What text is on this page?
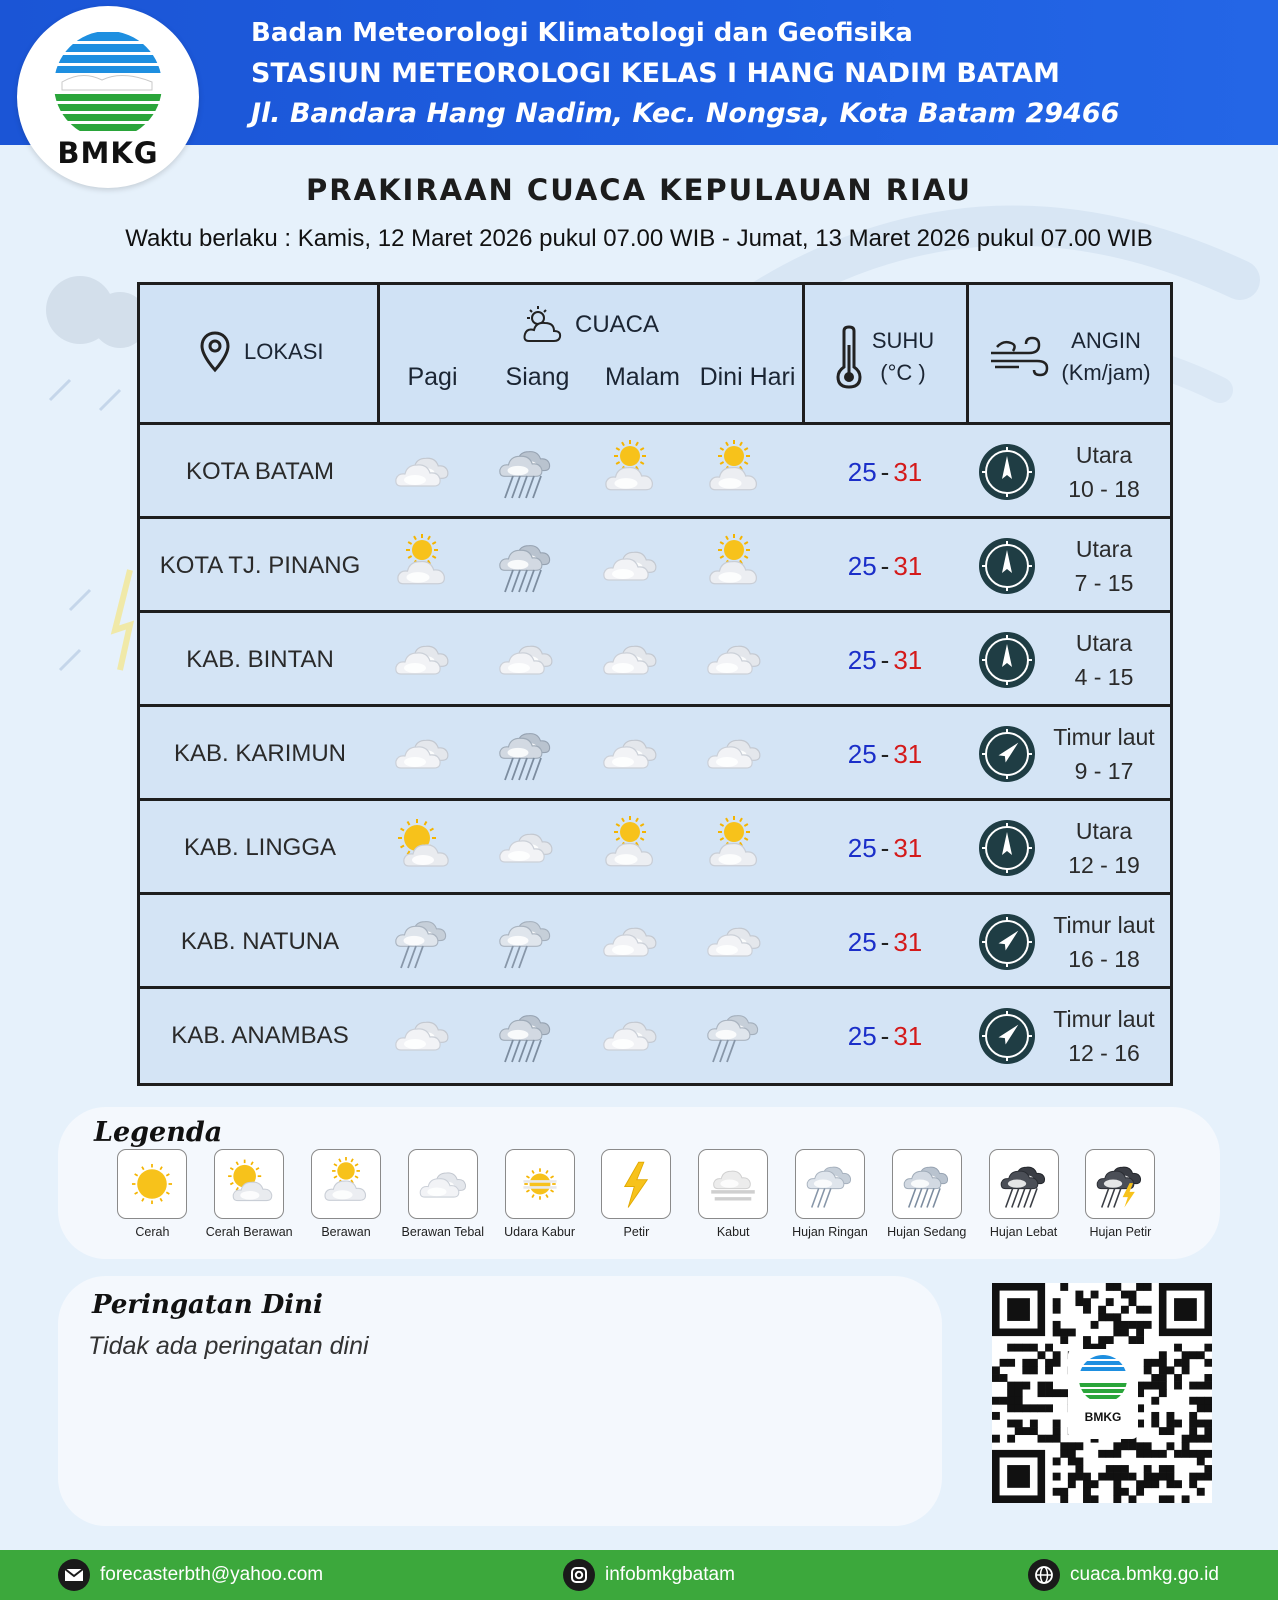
Badan Meteorologi Klimatologi dan Geofisika
STASIUN METEOROLOGI KELAS I HANG NADIM BATAM
Jl. Bandara Hang Nadim, Kec. Nongsa, Kota Batam 29466
BMKG
PRAKIRAAN CUACA KEPULAUAN RIAU
Waktu berlaku : Kamis, 12 Maret 2026 pukul 07.00 WIB - Jumat, 13 Maret 2026 pukul 07.00 WIB
LOKASI
CUACA
Pagi	Siang	Malam Dini Hari
SUHU
(°C )
ANGIN
(Km/jam)
KOTA BATAM	25 - 31
Utara
10 - 18
KOTA TJ. PINANG	25 - 31
Utara
7 - 15
KAB. BINTAN	25 - 31
Utara
4 - 15
KAB. KARIMUN	25 - 31
Timur laut
9 - 17
KAB. LINGGA	25 - 31
Utara
12 - 19
KAB. NATUNA	25 - 31
Timur laut
16 - 18
KAB. ANAMBAS	25 - 31
Timur laut
12 - 16
Legenda
Cerah	Cerah Berawan Berawan Berawan Tebal Udara Kabur	Petir	Kabut	Hujan Ringan Hujan Sedang Hujan Lebat	Hujan Petir
Peringatan Dini
Tidak ada peringatan dini
BMKG
forecasterbth@yahoo.com	infobmkgbatam	cuaca.bmkg.go.id
